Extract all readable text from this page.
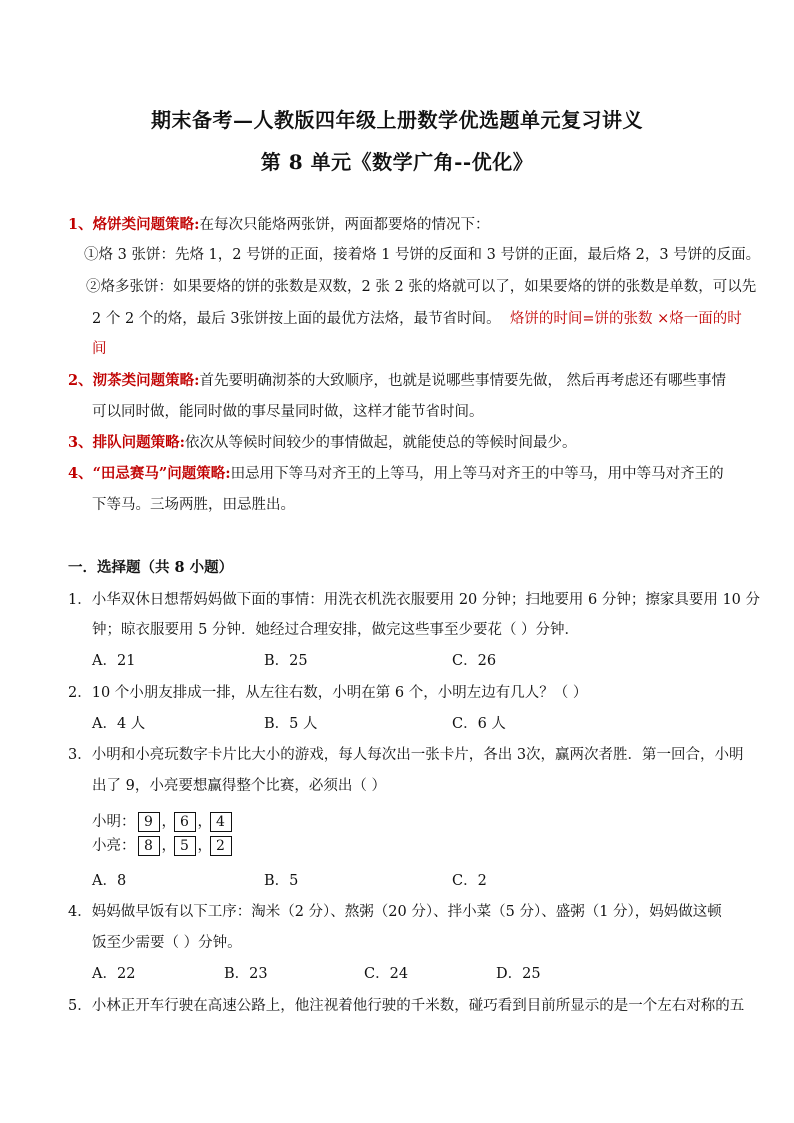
期末备考—人教版四年级上册数学优选题单元复习讲义
第 8 单元《数学广角--优化》
1、烙饼类问题策略:在每次只能烙两张饼，两面都要烙的情况下：
①烙 3 张饼：先烙 1，2 号饼的正面，接着烙 1 号饼的反面和 3 号饼的正面，最后烙 2，3 号饼的反面。
②烙多张饼：如果要烙的饼的张数是双数，2 张 2 张的烙就可以了，如果要烙的饼的张数是单数，可以先
2 个 2 个的烙，最后 3张饼按上面的最优方法烙，最节省时间。 烙饼的时间=饼的张数 ×烙一面的时
间
2、沏茶类问题策略:首先要明确沏茶的大致顺序，也就是说哪些事情要先做， 然后再考虑还有哪些事情
可以同时做，能同时做的事尽量同时做，这样才能节省时间。
3、排队问题策略:依次从等候时间较少的事情做起，就能使总的等候时间最少。
4、“田忌赛马”问题策略:田忌用下等马对齐王的上等马，用上等马对齐王的中等马，用中等马对齐王的
下等马。三场两胜，田忌胜出。
一．选择题（共 8 小题）
1．小华双休日想帮妈妈做下面的事情：用洗衣机洗衣服要用 20 分钟；扫地要用 6 分钟；擦家具要用 10 分
钟；晾衣服要用 5 分钟．她经过合理安排，做完这些事至少要花（ ）分钟．
A．21	B．25	C．26
2．10 个小朋友排成一排，从左往右数，小明在第 6 个，小明左边有几人？（ ）
A．4 人	B．5 人	C．6 人
3．小明和小亮玩数字卡片比大小的游戏，每人每次出一张卡片，各出 3次，赢两次者胜．第一回合，小明
出了 9，小亮要想赢得整个比赛，必须出（ ）
小明： 9 ， 6 ， 4
小亮： 8 ， 5 ， 2
A．8	B．5	C．2
4．妈妈做早饭有以下工序：淘米（2 分）、熬粥（20 分）、拌小菜（5 分）、盛粥（1 分），妈妈做这顿
饭至少需要（ ）分钟。
A．22	B．23	C．24	D．25
5．小林正开车行驶在高速公路上，他注视着他行驶的千米数，碰巧看到目前所显示的是一个左右对称的五
